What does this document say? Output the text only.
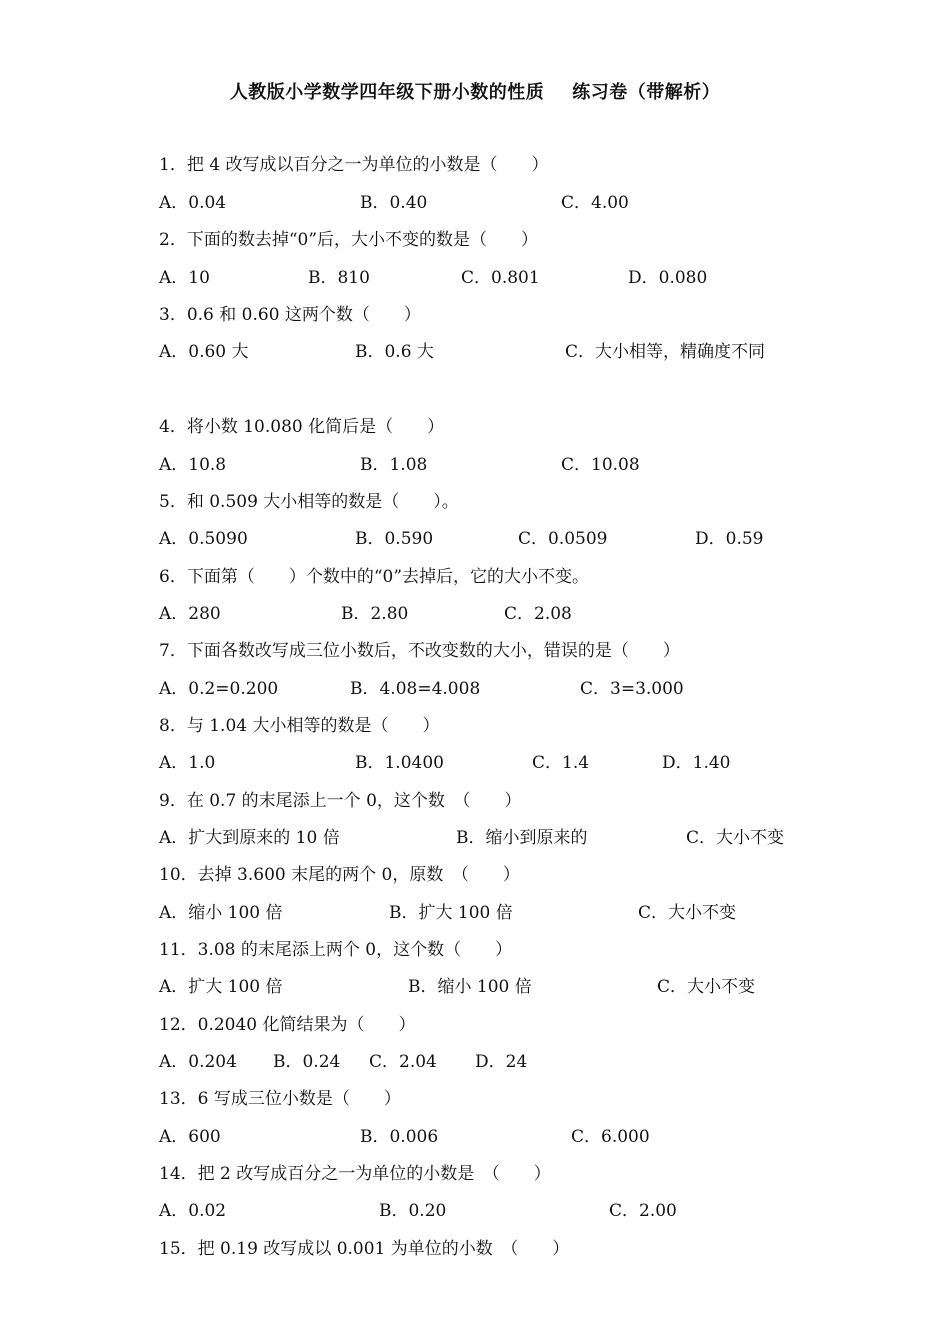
人教版小学数学四年级下册小数的性质 练习卷（带解析）
1．把 4 改写成以百分之一为单位的小数是（　　）
A．0.04	B．0.40	C．4.00
2．下面的数去掉“0”后，大小不变的数是（　　）
A．10	B．810	C．0.801	D．0.080
3．0.6 和 0.60 这两个数（　　）
A．0.60 大	B．0.6 大	C．大小相等，精确度不同
4．将小数 10.080 化简后是（　　）
A．10.8	B．1.08	C．10.08
5．和 0.509 大小相等的数是（　　）。
A．0.5090	B．0.590	C．0.0509	D．0.59
6．下面第（　　）个数中的“0”去掉后，它的大小不变。
A．280	B．2.80	C．2.08
7．下面各数改写成三位小数后，不改变数的大小，错误的是（　　）
A．0.2=0.200	B．4.08=4.008	C．3=3.000
8．与 1.04 大小相等的数是（　　）
A．1.0	B．1.0400	C．1.4	D．1.40
9．在 0.7 的末尾添上一个 0，这个数　（　　）
A．扩大到原来的 10 倍	B．缩小到原来的	C．大小不变
10．去掉 3.600 末尾的两个 0，原数　（　　）
A．缩小 100 倍	B．扩大 100 倍	C．大小不变
11．3.08 的末尾添上两个 0，这个数（　　）
A．扩大 100 倍	B．缩小 100 倍	C．大小不变
12．0.2040 化简结果为（　　）
A．0.204 B．0.24 C．2.04 D．24
13．6 写成三位小数是（　　）
A．600	B．0.006	C．6.000
14．把 2 改写成百分之一为单位的小数是　（　　）
A．0.02	B．0.20	C．2.00
15．把 0.19 改写成以 0.001 为单位的小数　（　　）
